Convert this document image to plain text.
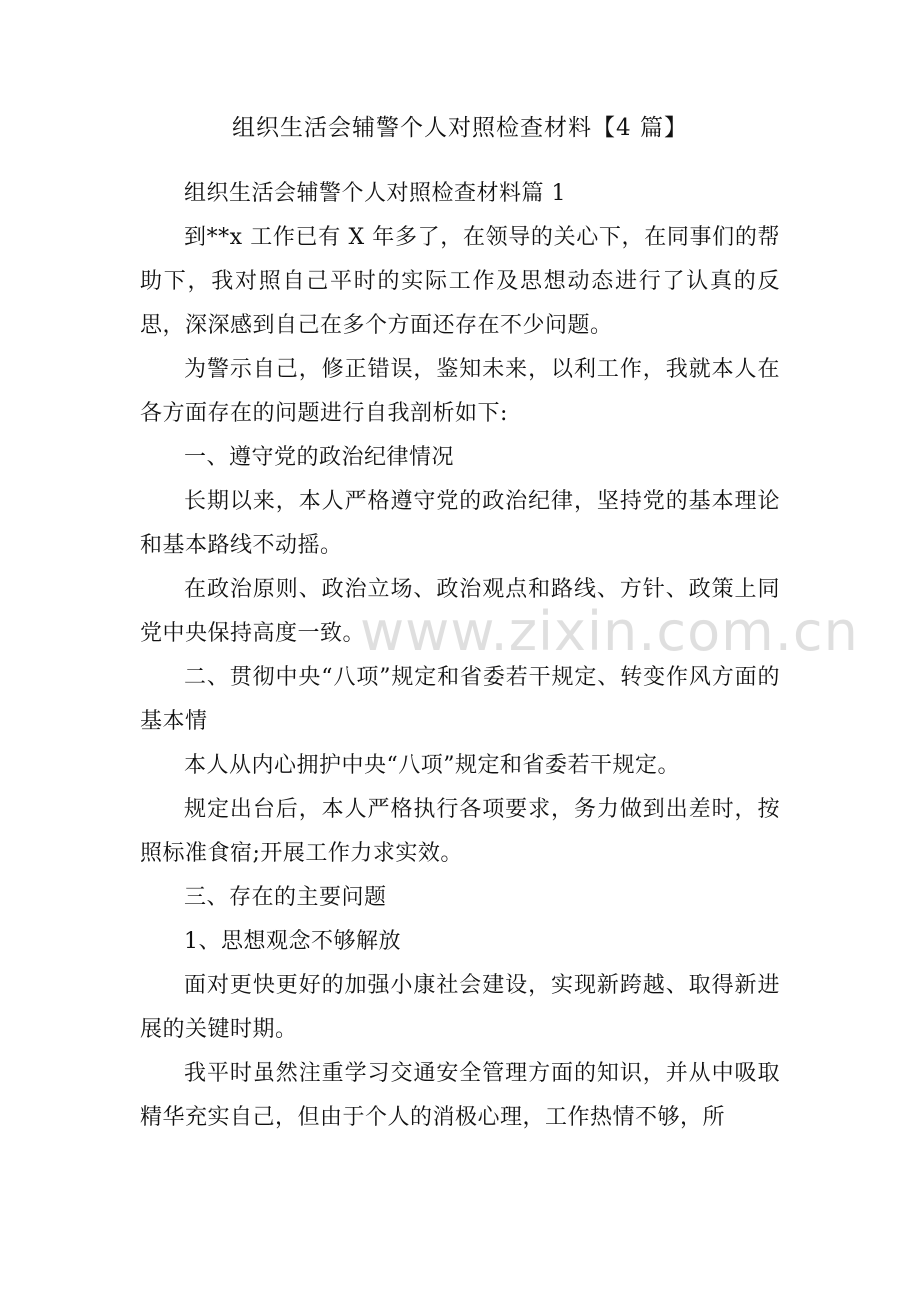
组织生活会辅警个人对照检查材料【4 篇】

组织生活会辅警个人对照检查材料篇 1

到**x 工作已有 X 年多了，在领导的关心下，在同事们的帮助下，我对照自己平时的实际工作及思想动态进行了认真的反思，深深感到自己在多个方面还存在不少问题。

为警示自己，修正错误，鉴知未来，以利工作，我就本人在各方面存在的问题进行自我剖析如下:

一、遵守党的政治纪律情况

长期以来，本人严格遵守党的政治纪律，坚持党的基本理论和基本路线不动摇。

在政治原则、政治立场、政治观点和路线、方针、政策上同党中央保持高度一致。

二、贯彻中央“八项”规定和省委若干规定、转变作风方面的基本情

本人从内心拥护中央“八项”规定和省委若干规定。

规定出台后，本人严格执行各项要求，务力做到出差时，按照标准食宿;开展工作力求实效。

三、存在的主要问题

1、思想观念不够解放

面对更快更好的加强小康社会建设，实现新跨越、取得新进展的关键时期。

我平时虽然注重学习交通安全管理方面的知识，并从中吸取精华充实自己，但由于个人的消极心理，工作热情不够，所

www.zixin.com.cn
